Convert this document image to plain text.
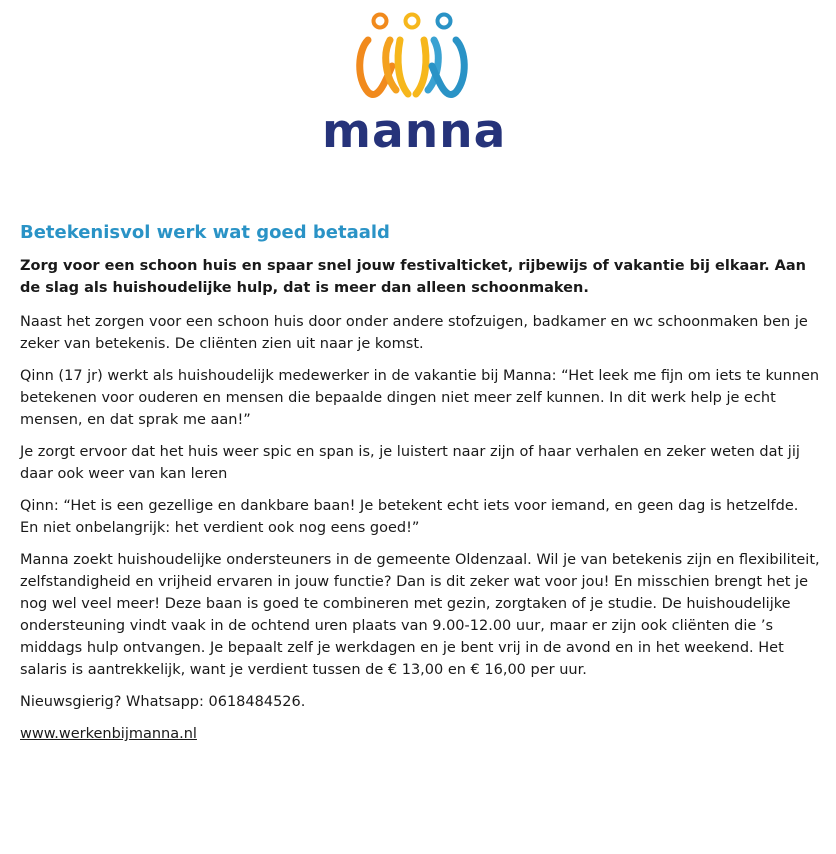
manna
Betekenisvol werk wat goed betaald

Zorg voor een schoon huis en spaar snel jouw festivalticket, rijbewijs of vakantie bij elkaar. Aan de slag als huishoudelijke hulp, dat is meer dan alleen schoonmaken.

Naast het zorgen voor een schoon huis door onder andere stofzuigen, badkamer en wc schoonmaken ben je zeker van betekenis. De cliënten zien uit naar je komst.

Qinn (17 jr) werkt als huishoudelijk medewerker in de vakantie bij Manna: “Het leek me fijn om iets te kunnen betekenen voor ouderen en mensen die bepaalde dingen niet meer zelf kunnen. In dit werk help je echt mensen, en dat sprak me aan!”

Je zorgt ervoor dat het huis weer spic en span is, je luistert naar zijn of haar verhalen en zeker weten dat jij daar ook weer van kan leren

Qinn: “Het is een gezellige en dankbare baan! Je betekent echt iets voor iemand, en geen dag is hetzelfde. En niet onbelangrijk: het verdient ook nog eens goed!”

Manna zoekt huishoudelijke ondersteuners in de gemeente Oldenzaal. Wil je van betekenis zijn en flexibiliteit, zelfstandigheid en vrijheid ervaren in jouw functie? Dan is dit zeker wat voor jou! En misschien brengt het je nog wel veel meer! Deze baan is goed te combineren met gezin, zorgtaken of je studie. De huishoudelijke ondersteuning vindt vaak in de ochtend uren plaats van 9.00-12.00 uur, maar er zijn ook cliënten die ’s middags hulp ontvangen. Je bepaalt zelf je werkdagen en je bent vrij in de avond en in het weekend. Het salaris is aantrekkelijk, want je verdient tussen de € 13,00 en € 16,00 per uur.

Nieuwsgierig? Whatsapp: 0618484526.

www.werkenbijmanna.nl
